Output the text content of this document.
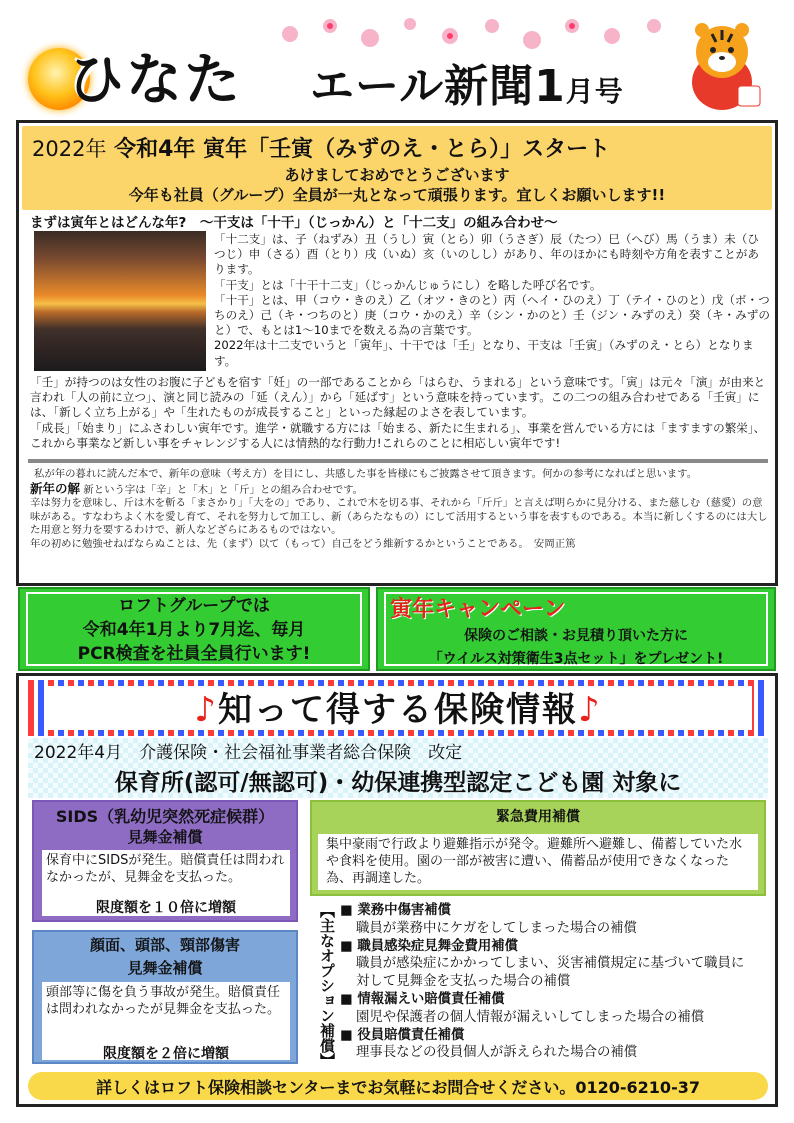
ひなた エール新聞1月号
2022年 令和4年 寅年「壬寅（みずのえ・とら）」スタート
あけましておめでとうございます
今年も社員（グループ）全員が一丸となって頑張ります。宜しくお願いします!!
まずは寅年とはどんな年?　～干支は「十干」（じっかん）と「十二支」の組み合わせ～
「十二支」は、子（ねずみ）丑（うし）寅（とら）卯（うさぎ）辰（たつ）巳（へび）馬（うま）未（ひつじ）申（さる）酉（とり）戌（いぬ）亥（いのしし）があり、年のほかにも時刻や方角を表すことがあります。
「干支」とは「十干十二支」（じっかんじゅうにし）を略した呼び名です。
「十干」とは、甲（コウ・きのえ）乙（オツ・きのと）丙（ヘイ・ひのえ）丁（テイ・ひのと）戊（ボ・つちのえ）己（キ・つちのと）庚（コウ・かのえ）辛（シン・かのと）壬（ジン・みずのえ）癸（キ・みずのと）で、もとは1～10までを数える為の言葉です。
2022年は十二支でいうと「寅年」、十干では「壬」となり、干支は「壬寅」（みずのえ・とら）となります。
「壬」が持つのは女性のお腹に子どもを宿す「妊」の一部であることから「はらむ、うまれる」という意味です。「寅」は元々「演」が由来と言われ「人の前に立つ」、演と同じ読みの「延（えん）」から「延ばす」という意味を持っています。この二つの組み合わせである「壬寅」には、「新しく立ち上がる」や「生れたものが成長すること」といった縁起のよさを表しています。
「成長」「始まり」にふさわしい寅年です。進学・就職する方には「始まる、新たに生まれる」、事業を営んでいる方には「ますますの繁栄」、これから事業など新しい事をチャレンジする人には情熱的な行動力!これらのことに相応しい寅年です!
私が年の暮れに読んだ本で、新年の意味（考え方）を目にし、共感した事を皆様にもご披露させて頂きます。何かの参考になればと思います。
新年の解 新という字は「辛」と「木」と「斤」との組み合わせです。
辛は努力を意味し、斤は木を斬る「まさかり」「大をの」であり、これで木を切る事、それから「斤斤」と言えば明らかに見分ける、また慈しむ（慈愛）の意味がある。すなわちよく木を愛し育て、それを努力して加工し、新（あらたなもの）にして活用するという事を表すものである。本当に新しくするのには大した用意と努力を要するわけで、新人などざらにあるものではない。
年の初めに勉強せねばならぬことは、先（まず）以て（もって）自己をどう維新するかということである。　安岡正篤
ロフトグループでは
令和4年1月より7月迄、毎月
PCR検査を社員全員行います!
寅年キャンペーン
保険のご相談・お見積り頂いた方に
「ウイルス対策衛生3点セット」をプレゼント!
♪知って得する保険情報♪
2022年4月　介護保険・社会福祉事業者総合保険　改定
保育所(認可/無認可)・幼保連携型認定こども園 対象に
SIDS（乳幼児突然死症候群）
見舞金補償
保育中にSIDSが発生。賠償責任は問われなかったが、見舞金を支払った。
限度額を１０倍に増額
顔面、頭部、頸部傷害
見舞金補償
頭部等に傷を負う事故が発生。賠償責任は問われなかったが見舞金を支払った。
限度額を２倍に増額
緊急費用補償
集中豪雨で行政より避難指示が発令。避難所へ避難し、備蓄していた水や食料を使用。園の一部が被害に遭い、備蓄品が使用できなくなった為、再調達した。
【主なオプション補償】 ■ 業務中傷害補償
職員が業務中にケガをしてしまった場合の補償
■ 職員感染症見舞金費用補償
職員が感染症にかかってしまい、災害補償規定に基づいて職員に対して見舞金を支払った場合の補償
■ 情報漏えい賠償責任補償
園児や保護者の個人情報が漏えいしてしまった場合の補償
■ 役員賠償責任補償
理事長などの役員個人が訴えられた場合の補償
詳しくはロフト保険相談センターまでお気軽にお問合せください。0120-6210-37
